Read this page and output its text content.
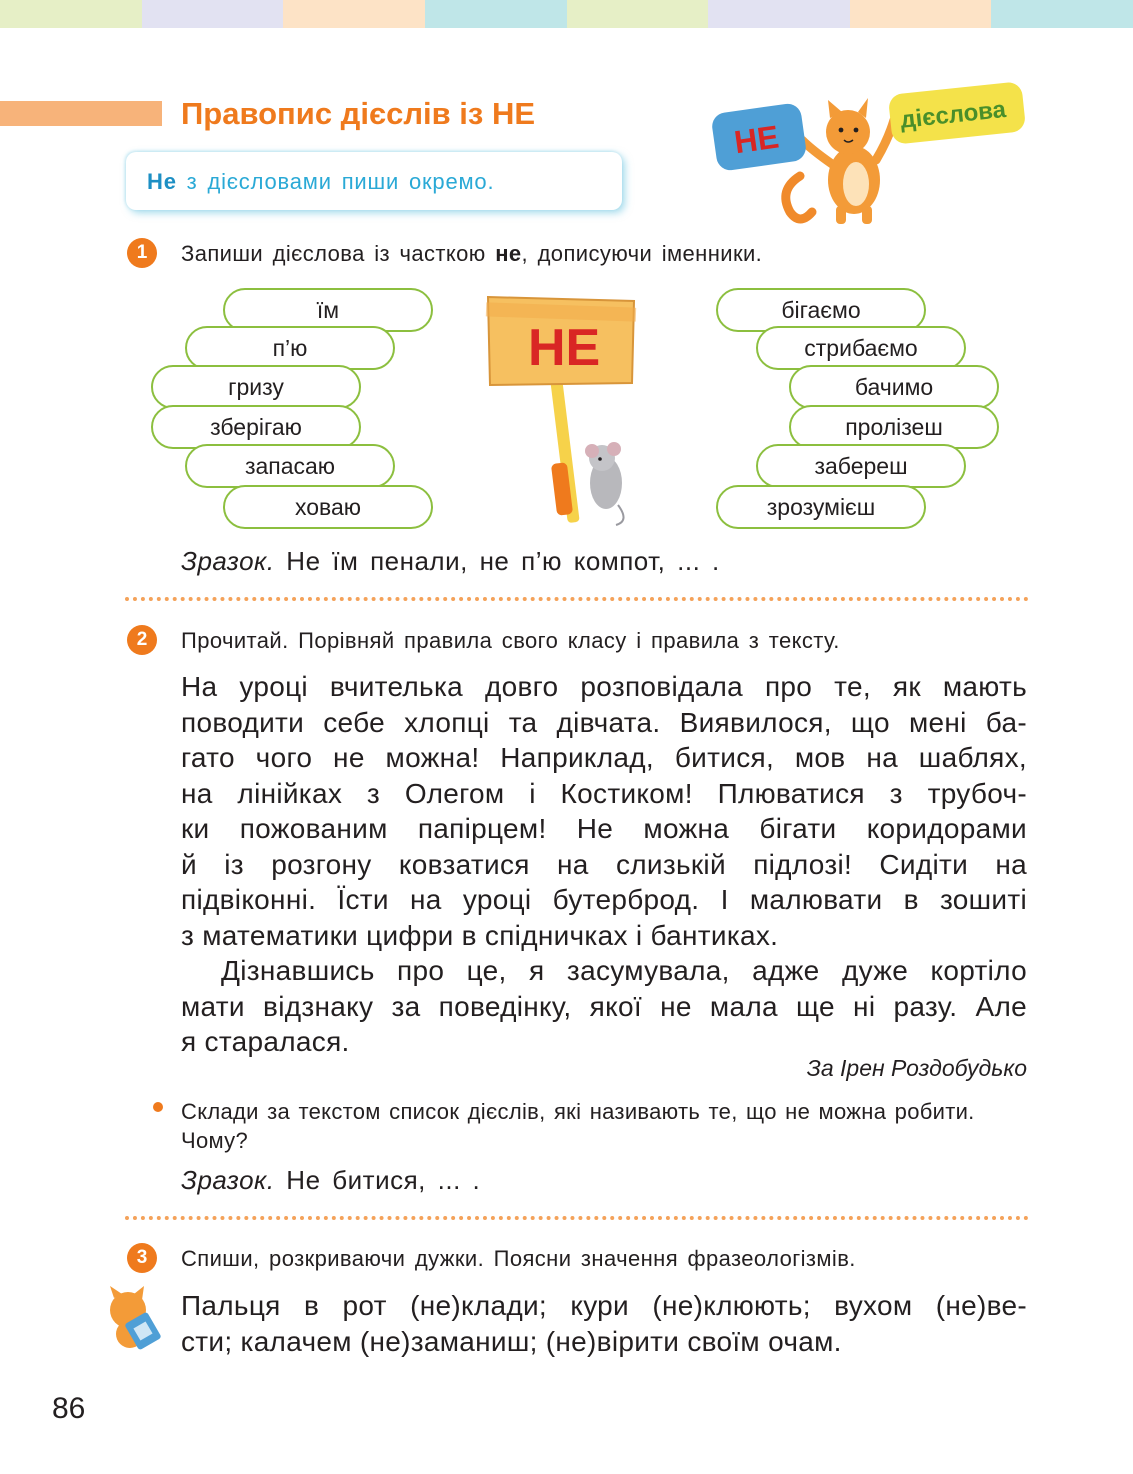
Правопис дієслів із НЕ
НЕ
дієслова
Не з дієсловами пиши окремо.
1	Запиши дієслова із часткою не, дописуючи іменники.
їм
п’ю
гризу
зберігаю
запасаю
ховаю
НЕ
бігаємо
стрибаємо
бачимо
пролізеш
забереш
зрозумієш
Зразок. Не їм пенали, не п’ю компот, ... .
2	Прочитай. Порівняй правила свого класу і правила з тексту.

На уроці вчителька довго розповідала про те, як мають

поводити себе хлопці та дівчата. Виявилося, що мені ба-

гато чого не можна! Наприклад, битися, мов на шаблях,

на лінійках з Олегом і Костиком! Плюватися з трубоч-

ки пожованим папірцем! Не можна бігати коридорами

й із розгону ковзатися на слизькій підлозі! Сидіти на

підвіконні. Їсти на уроці бутерброд. І малювати в зошиті

з математики цифри в спідничках і бантиках.

Дізнавшись про це, я засумувала, адже дуже кортіло

мати відзнаку за поведінку, якої не мала ще ні разу. Але

я старалася.

За Ірен Роздобудько
Склади за текстом список дієслів, які називають те, що не можна робити. Чому?
Зразок. Не битися, ... .
3	Спиши, розкриваючи дужки. Поясни значення фразеологізмів.

Пальця в рот (не)клади; кури (не)клюють; вухом (не)ве-

сти; калачем (не)заманиш; (не)вірити своїм очам.

86
